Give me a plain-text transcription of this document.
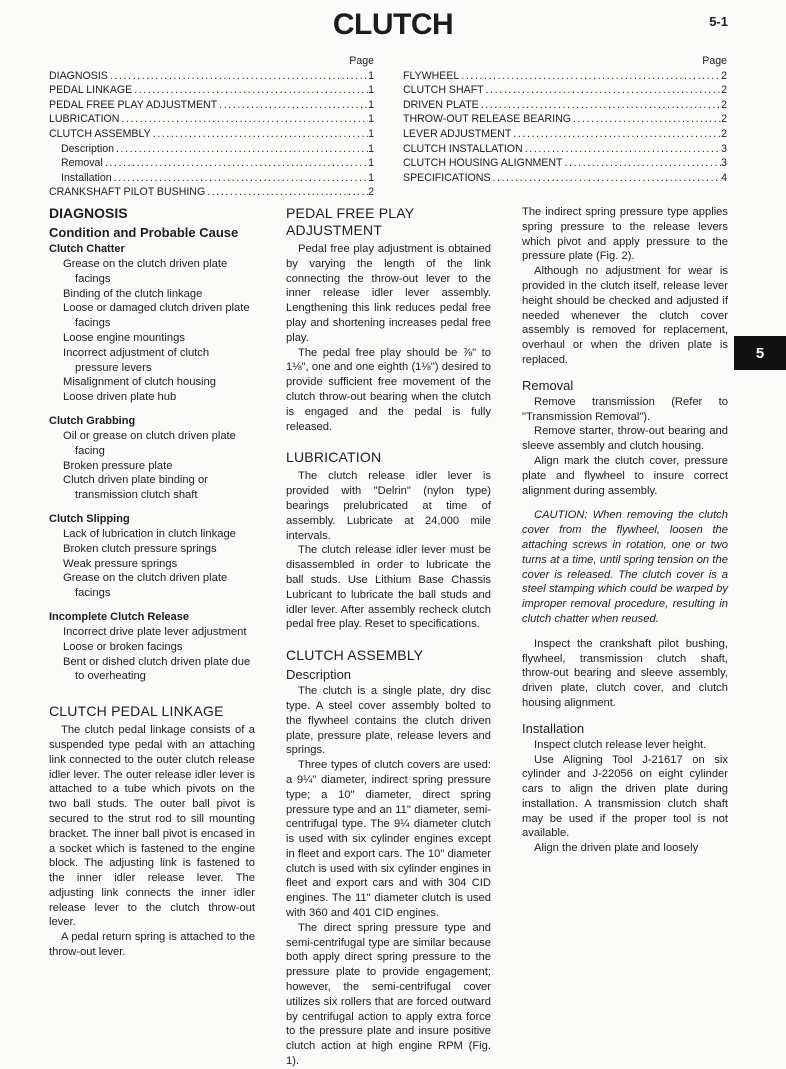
CLUTCH	5-1
Page
DIAGNOSIS .....	1
PEDAL LINKAGE .....	1
PEDAL FREE PLAY ADJUSTMENT .....	1
LUBRICATION .....	1
CLUTCH ASSEMBLY .....	1
Description .....	1
Removal .....	1
Installation .....	1
CRANKSHAFT PILOT BUSHING .....	2
Page
FLYWHEEL .....	2
CLUTCH SHAFT .....	2
DRIVEN PLATE .....	2
THROW-OUT RELEASE BEARING .....	2
LEVER ADJUSTMENT .....	2
CLUTCH INSTALLATION .....	3
CLUTCH HOUSING ALIGNMENT .....	3
SPECIFICATIONS .....	4
DIAGNOSIS
Condition and Probable Cause
Clutch Chatter
Grease on the clutch driven plate facings
Binding of the clutch linkage
Loose or damaged clutch driven plate facings
Loose engine mountings
Incorrect adjustment of clutch pressure levers
Misalignment of clutch housing
Loose driven plate hub
Clutch Grabbing
Oil or grease on clutch driven plate facing
Broken pressure plate
Clutch driven plate binding or transmission clutch shaft
Clutch Slipping
Lack of lubrication in clutch linkage
Broken clutch pressure springs
Weak pressure springs
Grease on the clutch driven plate facings
Incomplete Clutch Release
Incorrect drive plate lever adjustment
Loose or broken facings
Bent or dished clutch driven plate due to overheating
CLUTCH PEDAL LINKAGE

The clutch pedal linkage consists of a suspended type pedal with an attaching link connected to the outer clutch release idler lever. The outer release idler lever is attached to a tube which pivots on the two ball studs. The outer ball pivot is secured to the strut rod to sill mounting bracket. The inner ball pivot is encased in a socket which is fastened to the engine block. The adjusting link is fastened to the inner idler release lever. The adjusting link connects the inner idler release lever to the clutch throw-out lever.

A pedal return spring is attached to the throw-out lever.

PEDAL FREE PLAY ADJUSTMENT

Pedal free play adjustment is obtained by varying the length of the link connecting the throw-out lever to the inner release idler lever assembly. Lengthening this link reduces pedal free play and shortening increases pedal free play.

The pedal free play should be ⅞" to 1⅛", one and one eighth (1⅛") desired to provide sufficient free movement of the clutch throw-out bearing when the clutch is engaged and the pedal is fully released.

LUBRICATION

The clutch release idler lever is provided with "Delrin" (nylon type) bearings prelubricated at time of assembly. Lubricate at 24,000 mile intervals.

The clutch release idler lever must be disassembled in order to lubricate the ball studs. Use Lithium Base Chassis Lubricant to lubricate the ball studs and idler lever. After assembly recheck clutch pedal free play. Reset to specifications.

CLUTCH ASSEMBLY
Description

The clutch is a single plate, dry disc type. A steel cover assembly bolted to the flywheel contains the clutch driven plate, pressure plate, release levers and springs.

Three types of clutch covers are used: a 9¼" diameter, indirect spring pressure type; a 10" diameter, direct spring pressure type and an 11" diameter, semi-centrifugal type. The 9¼ diameter clutch is used with six cylinder engines except in fleet and export cars. The 10" diameter clutch is used with six cylinder engines in fleet and export cars and with 304 CID engines. The 11" diameter clutch is used with 360 and 401 CID engines.

The direct spring pressure type and semi-centrifugal type are similar because both apply direct spring pressure to the pressure plate to provide engagement; however, the semi-centrifugal cover utilizes six rollers that are forced outward by centrifugal action to apply extra force to the pressure plate and insure positive clutch action at high engine RPM (Fig. 1).

The indirect spring pressure type applies spring pressure to the release levers which pivot and apply pressure to the pressure plate (Fig. 2).

Although no adjustment for wear is provided in the clutch itself, release lever height should be checked and adjusted if needed whenever the clutch cover assembly is removed for replacement, overhaul or when the driven plate is replaced.

Removal

Remove transmission (Refer to "Transmission Removal").

Remove starter, throw-out bearing and sleeve assembly and clutch housing.

Align mark the clutch cover, pressure plate and flywheel to insure correct alignment during assembly.

CAUTION: When removing the clutch cover from the flywheel, loosen the attaching screws in rotation, one or two turns at a time, until spring tension on the cover is released. The clutch cover is a steel stamping which could be warped by improper removal procedure, resulting in clutch chatter when reused.

Inspect the crankshaft pilot bushing, flywheel, transmission clutch shaft, throw-out bearing and sleeve assembly, driven plate, clutch cover, and clutch housing alignment.

Installation

Inspect clutch release lever height.

Use Aligning Tool J-21617 on six cylinder and J-22056 on eight cylinder cars to align the driven plate during installation. A transmission clutch shaft may be used if the proper tool is not available.

Align the driven plate and loosely

5
